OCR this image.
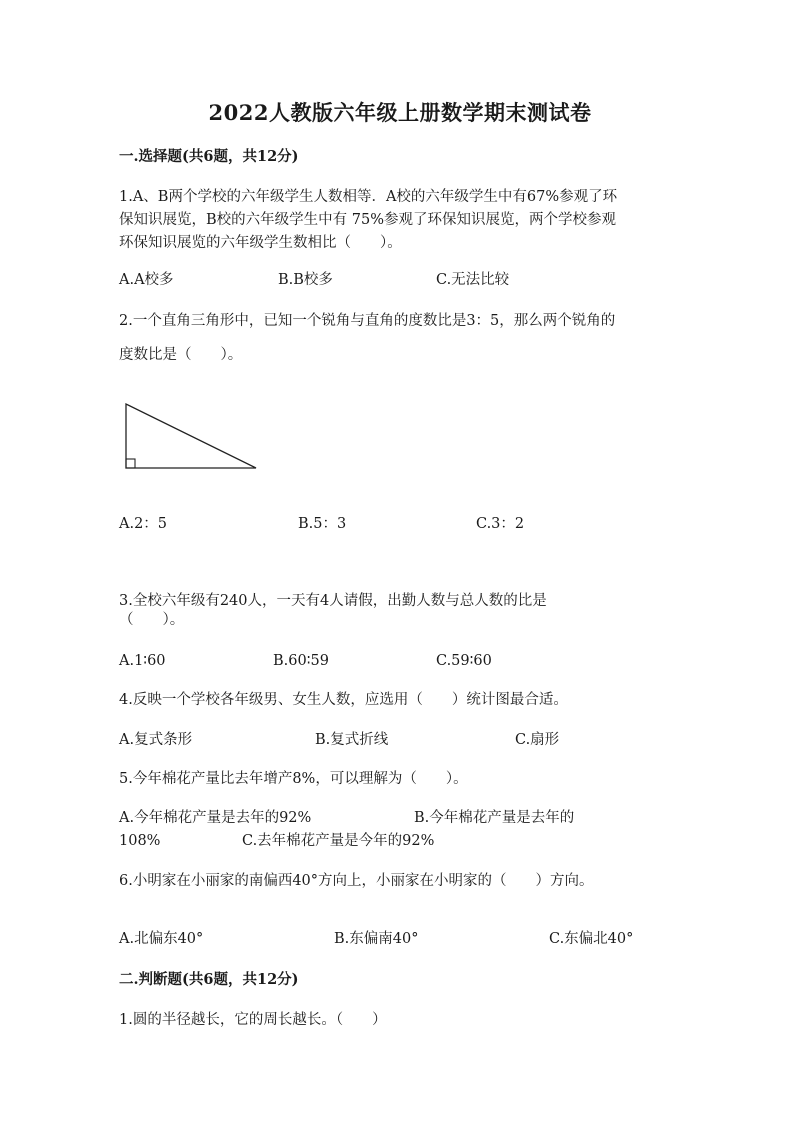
2022人教版六年级上册数学期末测试卷
一.选择题(共6题，共12分)
1.A、B两个学校的六年级学生人数相等．A校的六年级学生中有67%参观了环
保知识展览，B校的六年级学生中有 75%参观了环保知识展览，两个学校参观
环保知识展览的六年级学生数相比（　　）。
A.A校多	B.B校多	C.无法比较
2.一个直角三角形中，已知一个锐角与直角的度数比是3：5，那么两个锐角的
度数比是（　　）。
A.2：5	B.5：3	C.3：2
3.全校六年级有240人，一天有4人请假，出勤人数与总人数的比是
（　　）。
A.1∶60	B.60∶59	C.59∶60
4.反映一个学校各年级男、女生人数，应选用（　　）统计图最合适。
A.复式条形	B.复式折线	C.扇形
5.今年棉花产量比去年增产8%，可以理解为（　　）。
A.今年棉花产量是去年的92%	B.今年棉花产量是去年的
108%	C.去年棉花产量是今年的92%
6.小明家在小丽家的南偏西40°方向上，小丽家在小明家的（　　）方向。
A.北偏东40°	B.东偏南40°	C.东偏北40°
二.判断题(共6题，共12分)
1.圆的半径越长，它的周长越长。（　　）
